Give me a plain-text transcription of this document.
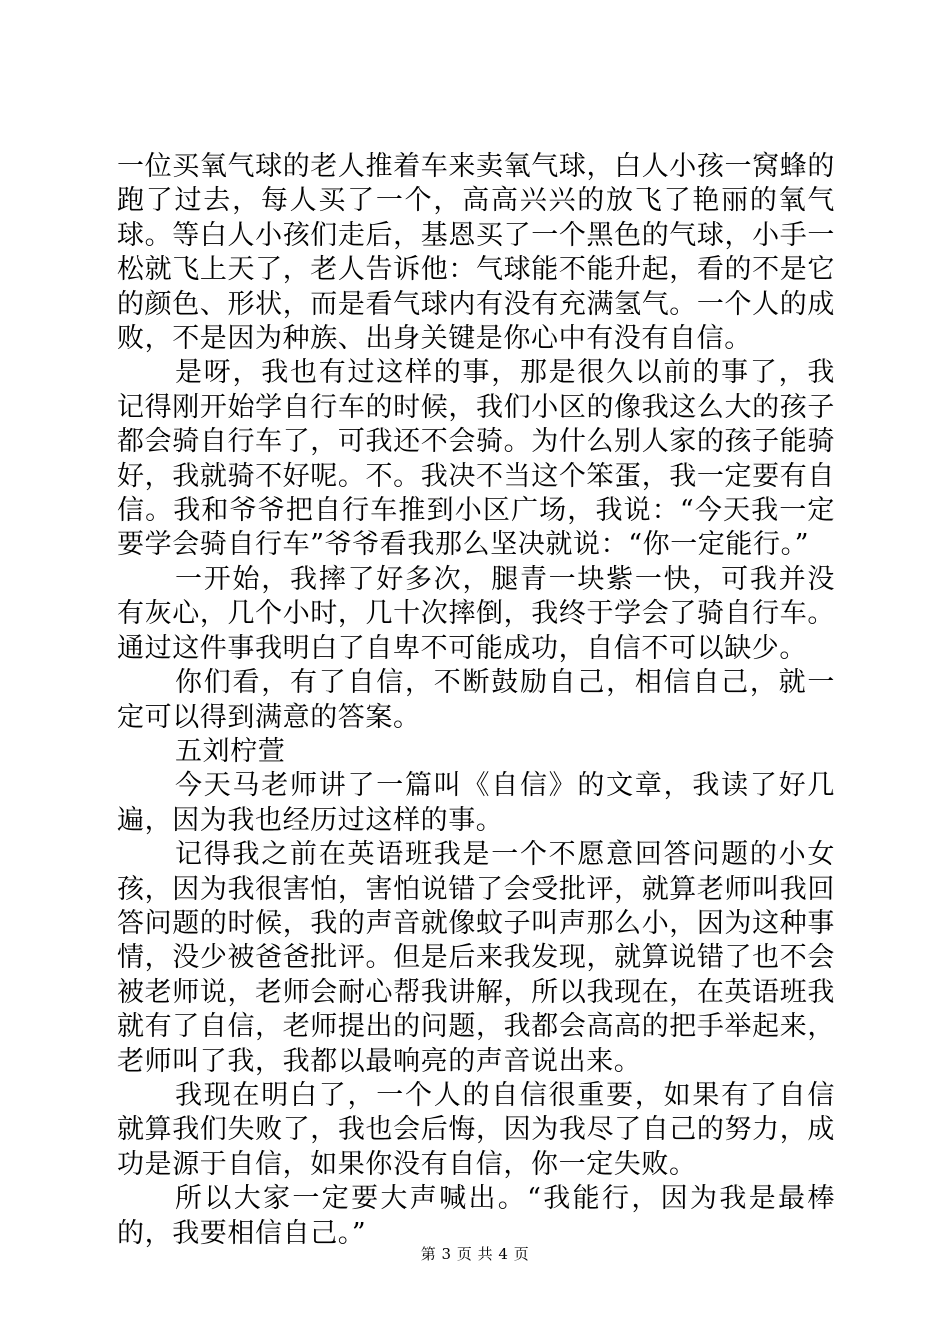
一位买氧气球的老人推着车来卖氧气球，白人小孩一窝蜂的跑了过去，每人买了一个，高高兴兴的放飞了艳丽的氧气球。等白人小孩们走后，基恩买了一个黑色的气球，小手一松就飞上天了，老人告诉他：气球能不能升起，看的不是它的颜色、形状，而是看气球内有没有充满氢气。一个人的成败，不是因为种族、出身关键是你心中有没有自信。

是呀，我也有过这样的事，那是很久以前的事了，我记得刚开始学自行车的时候，我们小区的像我这么大的孩子都会骑自行车了，可我还不会骑。为什么别人家的孩子能骑好，我就骑不好呢。不。我决不当这个笨蛋，我一定要有自信。我和爷爷把自行车推到小区广场，我说：“今天我一定要学会骑自行车”爷爷看我那么坚决就说：“你一定能行。”

一开始，我摔了好多次，腿青一块紫一快，可我并没有灰心，几个小时，几十次摔倒，我终于学会了骑自行车。通过这件事我明白了自卑不可能成功，自信不可以缺少。

你们看，有了自信，不断鼓励自己，相信自己，就一定可以得到满意的答案。

五刘柠萱

今天马老师讲了一篇叫《自信》的文章，我读了好几遍，因为我也经历过这样的事。

记得我之前在英语班我是一个不愿意回答问题的小女孩，因为我很害怕，害怕说错了会受批评，就算老师叫我回答问题的时候，我的声音就像蚊子叫声那么小，因为这种事情，没少被爸爸批评。但是后来我发现，就算说错了也不会被老师说，老师会耐心帮我讲解，所以我现在，在英语班我就有了自信，老师提出的问题，我都会高高的把手举起来，老师叫了我，我都以最响亮的声音说出来。

我现在明白了，一个人的自信很重要，如果有了自信就算我们失败了，我也会后悔，因为我尽了自己的努力，成功是源于自信，如果你没有自信，你一定失败。

所以大家一定要大声喊出。“我能行，因为我是最棒的，我要相信自己。”

第 3 页 共 4 页
